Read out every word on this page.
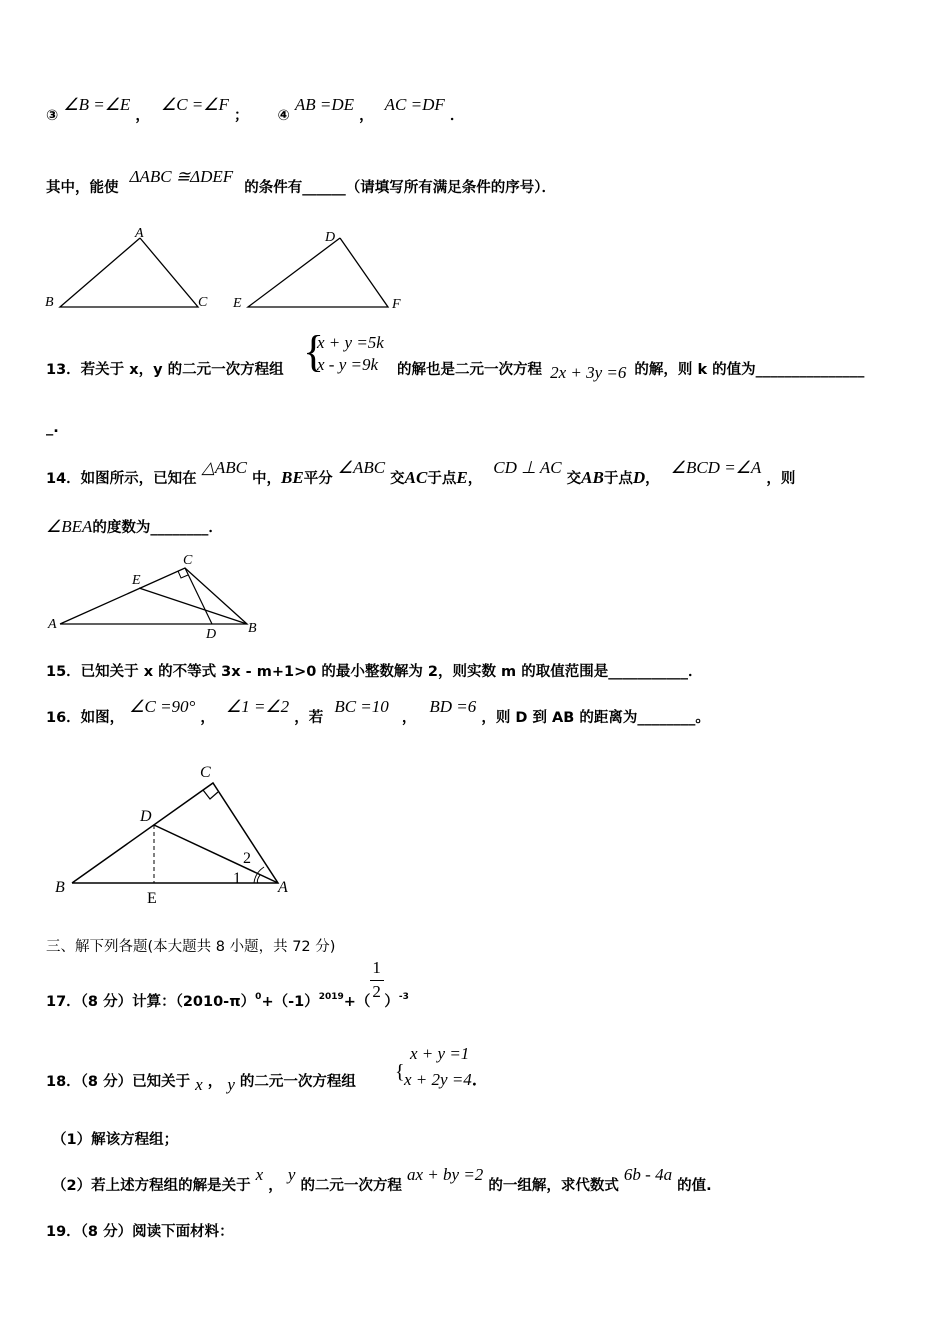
③ ∠B =∠E ， ∠C =∠F ； ④ AB =DE ， AC =DF ．
其中，能使 ΔABC ≅ΔDEF 的条件有______（请填写所有满足条件的序号）．
A
B	C
D
E	F
13．若关于 x，y 的二元一次方程组 {
x + y =5k
x - y =9k	的解也是二元一次方程 2x + 3y =6 的解，则 k 的值为_______________
_.
14．如图所示，已知在 △ABC 中，BE平分 ∠ABC 交AC于点E， CD ⊥ AC 交AB于点D， ∠BCD =∠A ，则
∠BEA的度数为________．
A	B
C
D
E
15．已知关于 x 的不等式 3x - m+1>0 的最小整数解为 2，则实数 m 的取值范围是___________．
16．如图， ∠C =90° ， ∠1 =∠2 ，若 BC =10 ， BD =6 ，则 D 到 AB 的距离为________。
C
D
B	A
E
1
2
三、解下列各题(本大题共 8 小题，共 72 分)
17．（8 分）计算：$(2010-\pi)^0+(-1)^{2019}+( \frac{1}{2} )^{-3}$
18．（8 分）已知关于 x ， y 的二元一次方程组 {
x + y =1
x + 2y =4．
（1）解该方程组；
（2）若上述方程组的解是关于 x ， y 的二元一次方程 ax + by =2 的一组解，求代数式 6b - 4a 的值.
19．（8 分）阅读下面材料：
